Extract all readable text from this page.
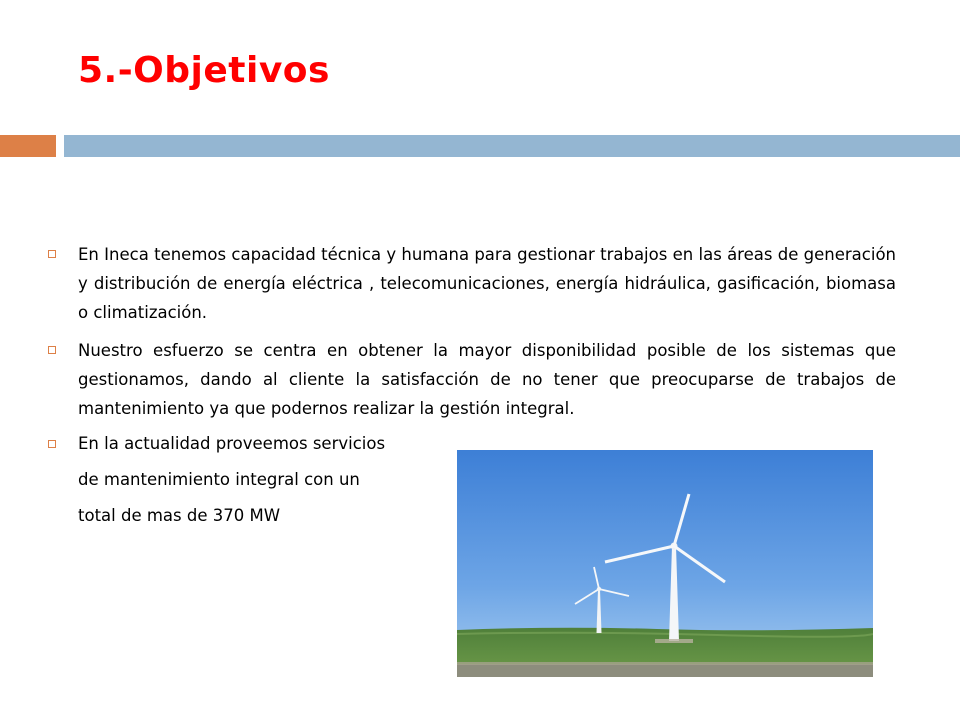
5.-Objetivos
En Ineca tenemos capacidad técnica y humana para gestionar trabajos en las áreas de generación y distribución de energía eléctrica , telecomunicaciones, energía hidráulica, gasificación, biomasa o climatización.
Nuestro esfuerzo se centra en obtener la mayor disponibilidad posible de los sistemas que gestionamos, dando al cliente la satisfacción de no tener que preocuparse de trabajos de mantenimiento ya que podernos realizar la gestión integral.
En la actualidad proveemos servicios
de mantenimiento integral con un
total de mas de 370 MW
